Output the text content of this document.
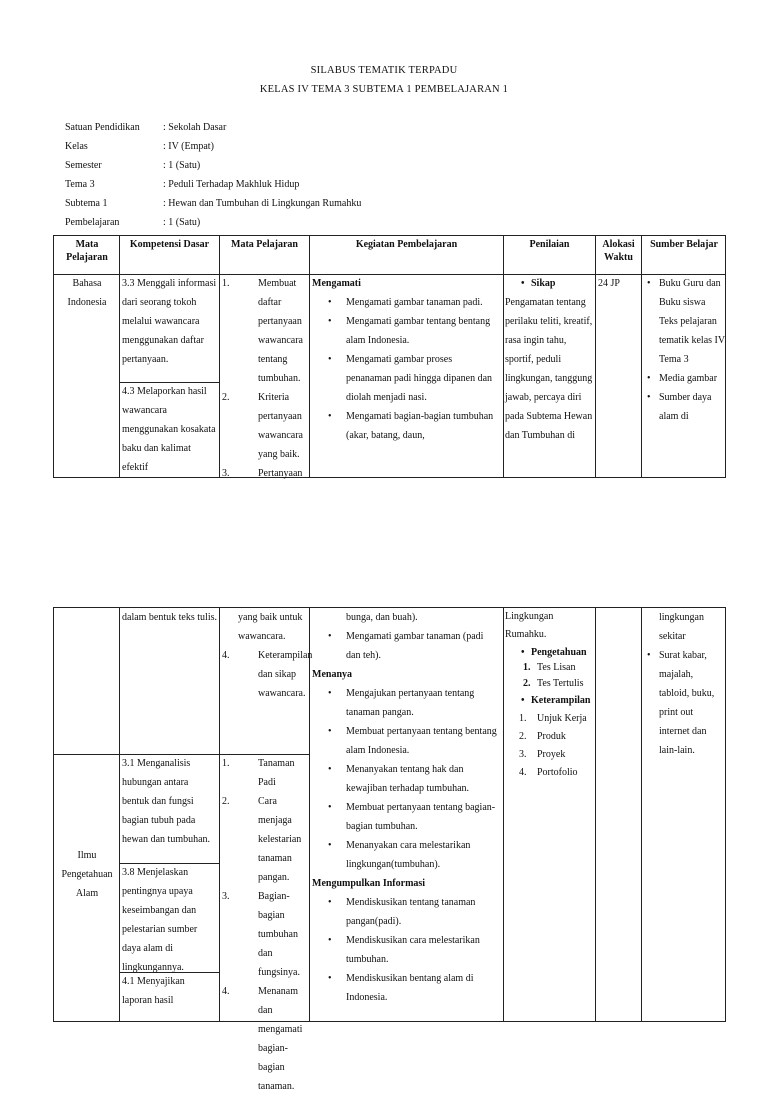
SILABUS TEMATIK TERPADU
KELAS IV TEMA 3 SUBTEMA 1 PEMBELAJARAN 1
Satuan Pendidikan	: Sekolah Dasar
Kelas	: IV (Empat)
Semester	: 1 (Satu)
Tema 3	: Peduli Terhadap Makhluk Hidup
Subtema 1	: Hewan dan Tumbuhan di Lingkungan Rumahku
Pembelajaran	: 1 (Satu)
Mata Pelajaran
Kompetensi Dasar	Mata Pelajaran	Kegiatan Pembelajaran	Penilaian	Alokasi Waktu
Sumber Belajar
Bahasa Indonesia
3.3 Menggali informasi dari seorang tokoh melalui wawancara menggunakan daftar pertanyaan.
4.3 Melaporkan hasil wawancara menggunakan kosakata baku dan kalimat efektif
1.	Membuat daftar pertanyaan wawancara tentang tumbuhan.
2.	Kriteria pertanyaan wawancara yang baik.
3.	Pertanyaan
Mengamati
• Mengamati gambar tanaman padi.
• Mengamati gambar tentang bentang alam Indonesia.
• Mengamati gambar proses penanaman padi hingga dipanen dan diolah menjadi nasi.
• Mengamati bagian-bagian tumbuhan (akar, batang, daun,
• Sikap
Pengamatan tentang perilaku teliti, kreatif, rasa ingin tahu, sportif, peduli lingkungan, tanggung jawab, percaya diri pada Subtema Hewan dan Tumbuhan di
24 JP
•	Buku Guru dan Buku siswa Teks pelajaran tematik kelas IV Tema 3
• Media gambar
• Sumber daya alam di
dalam bentuk teks tulis.	yang baik untuk wawancara.
4.	Keterampilan dan sikap wawancara.
Ilmu Pengetahuan Alam
3.1 Menganalisis hubungan antara bentuk dan fungsi bagian tubuh pada hewan dan tumbuhan.
3.8 Menjelaskan pentingnya upaya keseimbangan dan pelestarian sumber daya alam di lingkungannya.
4.1 Menyajikan laporan hasil
1.	Tanaman Padi
2.	Cara menjaga kelestarian tanaman pangan.
3.	Bagian-bagian tumbuhan dan fungsinya.
4.	Menanam dan mengamati bagian-bagian tanaman.
bunga, dan buah).
• Mengamati gambar tanaman (padi dan teh).
Menanya
• Mengajukan pertanyaan tentang tanaman pangan.
• Membuat pertanyaan tentang bentang alam Indonesia.
• Menanyakan tentang hak dan kewajiban terhadap tumbuhan.
• Membuat pertanyaan tentang bagian-bagian tumbuhan.
• Menanyakan cara melestarikan lingkungan(tumbuhan).
Mengumpulkan Informasi
• Mendiskusikan tentang tanaman pangan(padi).
• Mendiskusikan cara melestarikan tumbuhan.
• Mendiskusikan bentang alam di Indonesia.
Lingkungan Rumahku.
• Pengetahuan
1. Tes Lisan
2. Tes Tertulis
• Keterampilan
1. Unjuk Kerja
2. Produk
3. Proyek
4. Portofolio
lingkungan sekitar
• Surat kabar, majalah, tabloid, buku, print out internet dan lain-lain.
